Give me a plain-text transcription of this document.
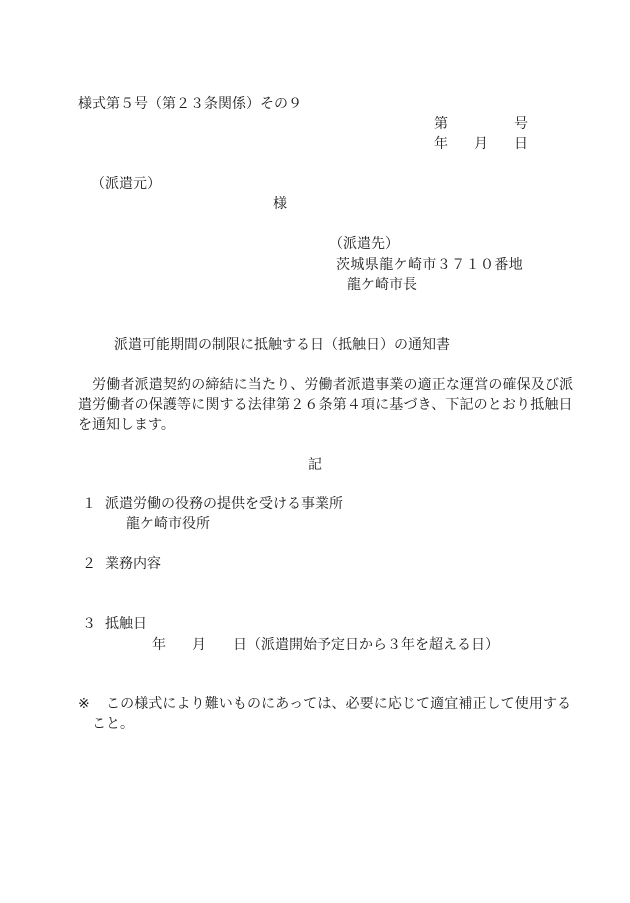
様式第５号（第２３条関係）その９
第	号
年 月 日
（派遣元）
様
（派遣先）
茨城県龍ケ崎市３７１０番地
龍ケ崎市長
派遣可能期間の制限に抵触する日（抵触日）の通知書
　労働者派遣契約の締結に当たり、労働者派遣事業の適正な運営の確保及び派
遣労働者の保護等に関する法律第２６条第４項に基づき、下記のとおり抵触日
を通知します。
記
１ 派遣労働の役務の提供を受ける事業所
龍ケ崎市役所
２ 業務内容
３ 抵触日
年 月 日 （派遣開始予定日から３年を超える日）
※ この様式により難いものにあっては、必要に応じて適宜補正して使用する
こと。
